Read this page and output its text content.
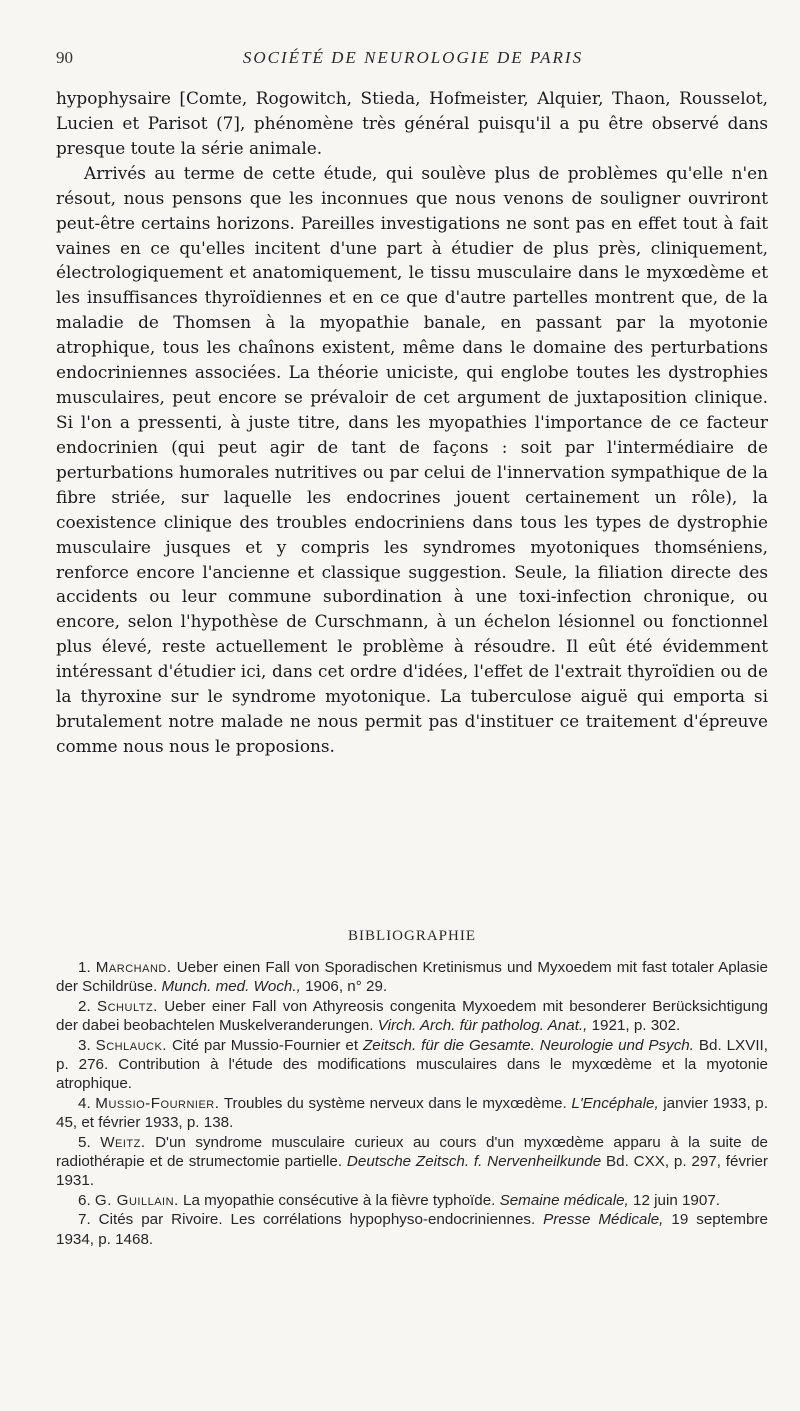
90	SOCIÉTÉ DE NEUROLOGIE DE PARIS

hypophysaire [Comte, Rogowitch, Stieda, Hofmeister, Alquier, Thaon, Rousselot, Lucien et Parisot (7], phénomène très général puisqu'il a pu être observé dans presque toute la série animale.

Arrivés au terme de cette étude, qui soulève plus de problèmes qu'elle n'en résout, nous pensons que les inconnues que nous venons de souligner ouvriront peut-être certains horizons. Pareilles investigations ne sont pas en effet tout à fait vaines en ce qu'elles incitent d'une part à étudier de plus près, cliniquement, électrologiquement et anatomiquement, le tissu musculaire dans le myxœdème et les insuffisances thyroïdiennes et en ce que d'autre partelles montrent que, de la maladie de Thomsen à la myopathie banale, en passant par la myotonie atrophique, tous les chaînons existent, même dans le domaine des perturbations endocriniennes associées. La théorie uniciste, qui englobe toutes les dystrophies musculaires, peut encore se prévaloir de cet argument de juxtaposition clinique. Si l'on a pressenti, à juste titre, dans les myopathies l'importance de ce facteur endocrinien (qui peut agir de tant de façons : soit par l'intermédiaire de perturbations humorales nutritives ou par celui de l'innervation sympathique de la fibre striée, sur laquelle les endocrines jouent certainement un rôle), la coexistence clinique des troubles endocriniens dans tous les types de dystrophie musculaire jusques et y compris les syndromes myotoniques thomséniens, renforce encore l'ancienne et classique suggestion. Seule, la filiation directe des accidents ou leur commune subordination à une toxi-infection chronique, ou encore, selon l'hypothèse de Curschmann, à un échelon lésionnel ou fonctionnel plus élevé, reste actuellement le problème à résoudre. Il eût été évidemment intéressant d'étudier ici, dans cet ordre d'idées, l'effet de l'extrait thyroïdien ou de la thyroxine sur le syndrome myotonique. La tuberculose aiguë qui emporta si brutalement notre malade ne nous permit pas d'instituer ce traitement d'épreuve comme nous nous le proposions.

BIBLIOGRAPHIE
1. Marchand. Ueber einen Fall von Sporadischen Kretinismus und Myxoedem mit fast totaler Aplasie der Schildrüse. Munch. med. Woch., 1906, n° 29.
2. Schultz. Ueber einer Fall von Athyreosis congenita Myxoedem mit besonderer Berücksichtigung der dabei beobachtelen Muskelveranderungen. Virch. Arch. für patholog. Anat., 1921, p. 302.
3. Schlauck. Cité par Mussio-Fournier et Zeitsch. für die Gesamte. Neurologie und Psych. Bd. LXVII, p. 276. Contribution à l'étude des modifications musculaires dans le myxœdème et la myotonie atrophique.
4. Mussio-Fournier. Troubles du système nerveux dans le myxœdème. L'Encéphale, janvier 1933, p. 45, et février 1933, p. 138.
5. Weitz. D'un syndrome musculaire curieux au cours d'un myxœdème apparu à la suite de radiothérapie et de strumectomie partielle. Deutsche Zeitsch. f. Nervenheilkunde Bd. CXX, p. 297, février 1931.
6. G. Guillain. La myopathie consécutive à la fièvre typhoïde. Semaine médicale, 12 juin 1907.
7. Cités par Rivoire. Les corrélations hypophyso-endocriniennes. Presse Médicale, 19 septembre 1934, p. 1468.
